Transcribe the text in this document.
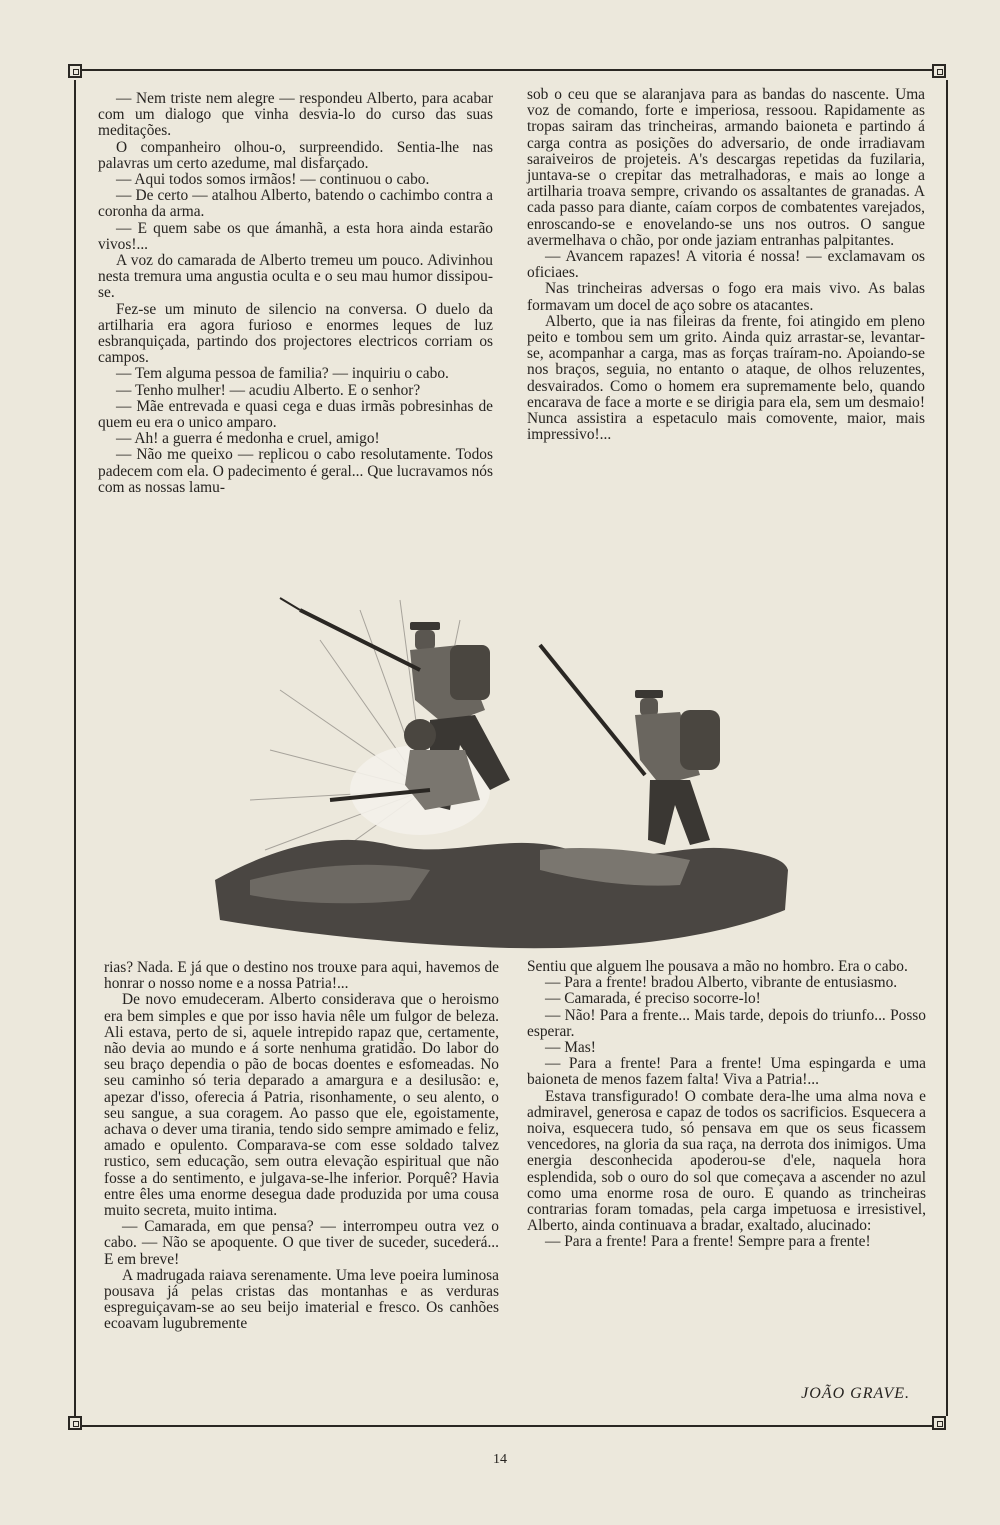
— Nem triste nem alegre — respondeu Alberto, para acabar com um dialogo que vinha desvia-lo do curso das suas meditações.

O companheiro olhou-o, surpreendido. Sentia-lhe nas palavras um certo azedume, mal disfarçado.

— Aqui todos somos irmãos! — continuou o cabo.

— De certo — atalhou Alberto, batendo o cachimbo contra a coronha da arma.

— E quem sabe os que ámanhã, a esta hora ainda estarão vivos!...

A voz do camarada de Alberto tremeu um pouco. Adivinhou nesta tremura uma angustia oculta e o seu mau humor dissipou-se.

Fez-se um minuto de silencio na conversa. O duelo da artilharia era agora furioso e enormes leques de luz esbranquiçada, partindo dos projectores electricos corriam os campos.

— Tem alguma pessoa de familia? — inquiriu o cabo.

— Tenho mulher! — acudiu Alberto. E o senhor?

— Mãe entrevada e quasi cega e duas irmãs pobresinhas de quem eu era o unico amparo.

— Ah! a guerra é medonha e cruel, amigo!

— Não me queixo — replicou o cabo resolutamente. Todos padecem com ela. O padecimento é geral... Que lucravamos nós com as nossas lamu-

sob o ceu que se alaranjava para as bandas do nascente. Uma voz de comando, forte e imperiosa, ressoou. Rapidamente as tropas sairam das trincheiras, armando baioneta e partindo á carga contra as posições do adversario, de onde irradiavam saraiveiros de projeteis. A's descargas repetidas da fuzilaria, juntava-se o crepitar das metralhadoras, e mais ao longe a artilharia troava sempre, crivando os assaltantes de granadas. A cada passo para diante, caíam corpos de combatentes varejados, enroscando-se e enovelando-se uns nos outros. O sangue avermelhava o chão, por onde jaziam entranhas palpitantes.

— Avancem rapazes! A vitoria é nossa! — exclamavam os oficiaes.

Nas trincheiras adversas o fogo era mais vivo. As balas formavam um docel de aço sobre os atacantes.

Alberto, que ia nas fileiras da frente, foi atingido em pleno peito e tombou sem um grito. Ainda quiz arrastar-se, levantar-se, acompanhar a carga, mas as forças traíram-no. Apoiando-se nos braços, seguia, no entanto o ataque, de olhos reluzentes, desvairados. Como o homem era supremamente belo, quando encarava de face a morte e se dirigia para ela, sem um desmaio! Nunca assistira a espetaculo mais comovente, maior, mais impressivo!...

rias? Nada. E já que o destino nos trouxe para aqui, havemos de honrar o nosso nome e a nossa Patria!...

De novo emudeceram. Alberto considerava que o heroismo era bem simples e que por isso havia nêle um fulgor de beleza. Ali estava, perto de si, aquele intrepido rapaz que, certamente, não devia ao mundo e á sorte nenhuma gratidão. Do labor do seu braço dependia o pão de bocas doentes e esfomeadas. No seu caminho só teria deparado a amargura e a desilusão: e, apezar d'isso, oferecia á Patria, risonhamente, o seu alento, o seu sangue, a sua coragem. Ao passo que ele, egoistamente, achava o dever uma tirania, tendo sido sempre amimado e feliz, amado e opulento. Comparava-se com esse soldado talvez rustico, sem educação, sem outra elevação espiritual que não fosse a do sentimento, e julgava-se-lhe inferior. Porquê? Havia entre êles uma enorme desegua dade produzida por uma cousa muito secreta, muito intima.

— Camarada, em que pensa? — interrompeu outra vez o cabo. — Não se apoquente. O que tiver de suceder, sucederá... E em breve!

A madrugada raiava serenamente. Uma leve poeira luminosa pousava já pelas cristas das montanhas e as verduras espreguiçavam-se ao seu beijo imaterial e fresco. Os canhões ecoavam lugubremente

Sentiu que alguem lhe pousava a mão no hombro. Era o cabo.

— Para a frente! bradou Alberto, vibrante de entusiasmo.

— Camarada, é preciso socorre-lo!

— Não! Para a frente... Mais tarde, depois do triunfo... Posso esperar.

— Mas!

— Para a frente! Para a frente! Uma espingarda e uma baioneta de menos fazem falta! Viva a Patria!...

Estava transfigurado! O combate dera-lhe uma alma nova e admiravel, generosa e capaz de todos os sacrificios. Esquecera a noiva, esquecera tudo, só pensava em que os seus ficassem vencedores, na gloria da sua raça, na derrota dos inimigos. Uma energia desconhecida apoderou-se d'ele, naquela hora esplendida, sob o ouro do sol que começava a ascender no azul como uma enorme rosa de ouro. E quando as trincheiras contrarias foram tomadas, pela carga impetuosa e irresistivel, Alberto, ainda continuava a bradar, exaltado, alucinado:

— Para a frente! Para a frente! Sempre para a frente!

JOÃO GRAVE.
14
